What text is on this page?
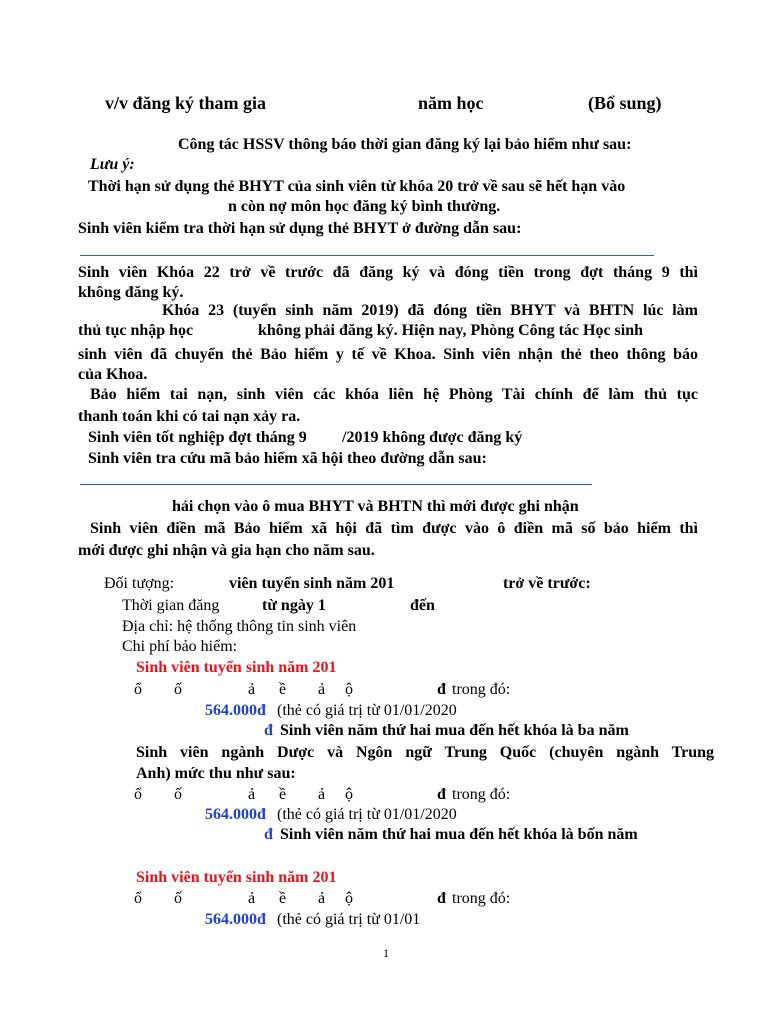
v/v đăng ký tham gia	năm học	(Bổ sung)
Công tác HSSV thông báo thời gian đăng ký lại bảo hiểm như sau:
Lưu ý:
Thời hạn sử dụng thẻ BHYT của sinh viên từ khóa 20 trở về sau sẽ hết hạn vào
n còn nợ môn học đăng ký bình thường.
Sinh viên kiểm tra thời hạn sử dụng thẻ BHYT ở đường dẫn sau:
Sinh viên Khóa 22 trở về trước đã đăng ký và đóng tiền trong đợt tháng 9 thì
không đăng ký.
Khóa 23 (tuyển sinh năm 2019) đã đóng tiền BHYT và BHTN lúc làm
thủ tục nhập học	không phải đăng ký. Hiện nay, Phòng Công tác Học sinh
sinh viên đã chuyển thẻ Bảo hiểm y tế về Khoa. Sinh viên nhận thẻ theo thông báo
của Khoa.
Bảo hiểm tai nạn, sinh viên các khóa liên hệ Phòng Tài chính để làm thủ tục
thanh toán khi có tai nạn xảy ra.
Sinh viên tốt nghiệp đợt tháng 9 /2019 không được đăng ký
Sinh viên tra cứu mã bảo hiểm xã hội theo đường dẫn sau:
hải chọn vào ô mua BHYT và BHTN thì mới được ghi nhận
Sinh viên điền mã Bảo hiểm xã hội đã tìm được vào ô điền mã số bảo hiểm thì
mới được ghi nhận và gia hạn cho năm sau.
Đối tượng:	viên tuyển sinh năm 201	trở về trước:
Thời gian đăng	từ ngày 1	đến
Địa chỉ: hệ thống thông tin sinh viên
Chi phí bảo hiểm:
Sinh viên tuyển sinh năm 201
ổ ố	ả ề ả ộ	đ trong đó:
564.000đ (thẻ có giá trị từ 01/01/2020
đ Sinh viên năm thứ hai mua đến hết khóa là ba năm
Sinh viên ngành Dược và Ngôn ngữ Trung Quốc (chuyên ngành Trung
Anh) mức thu như sau:
ổ ố	ả ề ả ộ	đ trong đó:
564.000đ (thẻ có giá trị từ 01/01/2020
đ Sinh viên năm thứ hai mua đến hết khóa là bốn năm
Sinh viên tuyển sinh năm 201
ổ ố	ả ề ả ộ	đ trong đó:
564.000đ (thẻ có giá trị từ 01/01
1
